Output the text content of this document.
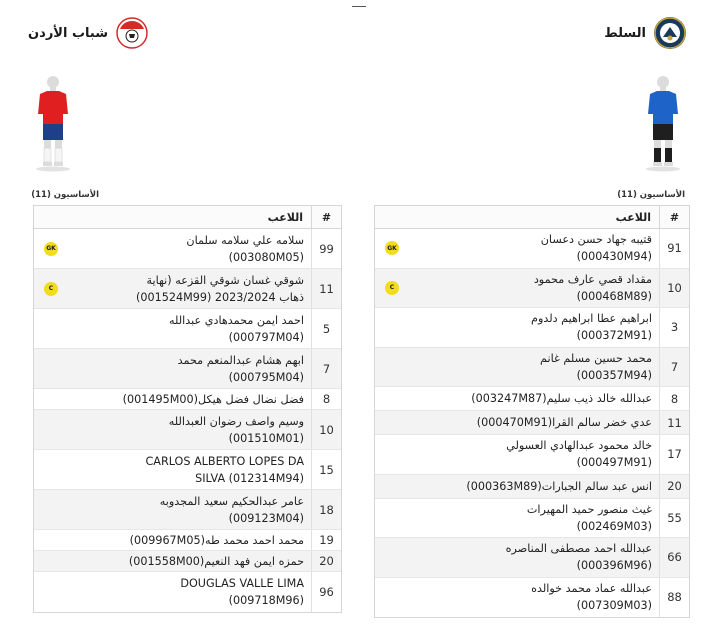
السلط
شباب الأردن
الأساسيون (11)
الأساسيون (11)
#
اللاعب
91
قتيبه جهاد حسن دعسان
(000430M94)
GK
10
مقداد قصي عارف محمود
(000468M89)
C
3
ابراهيم عطا ابراهيم دلدوم
(000372M91)
7
محمد حسين مسلم غانم
(000357M94)
8
عبدالله خالد ذيب سليم(003247M87)
11
عدي خضر سالم القرا(000470M91)
17
خالد محمود عبدالهادي العسولي
(000497M91)
20
انس عبد سالم الجبارات(000363M89)
55
غيث منصور حميد المهيرات
(002469M03)
66
عبدالله احمد مصطفى المناصره
(000396M96)
88
عبدالله عماد محمد خوالده
(007309M03)
#
اللاعب
99
سلامه علي سلامه سلمان
(003080M05)
GK
11
شوقي غسان شوقي القزعه (نهاية
ذهاب 2023/2024 (001524M99)
C
5
احمد ايمن محمدهادي عبدالله
(000797M04)
7
ابهم هشام عبدالمنعم محمد
(000795M04)
8
فضل نضال فضل هيكل(001495M00)
10
وسيم واصف رضوان العبدالله
(001510M01)
15
CARLOS ALBERTO LOPES DA
SILVA (012314M94)
18
عامر عبدالحكيم سعيد المجدوبه
(009123M04)
19
محمد احمد محمد طه(009967M05)
20
حمزه ايمن فهد النعيم(001558M00)
96
DOUGLAS VALLE LIMA
(009718M96)
